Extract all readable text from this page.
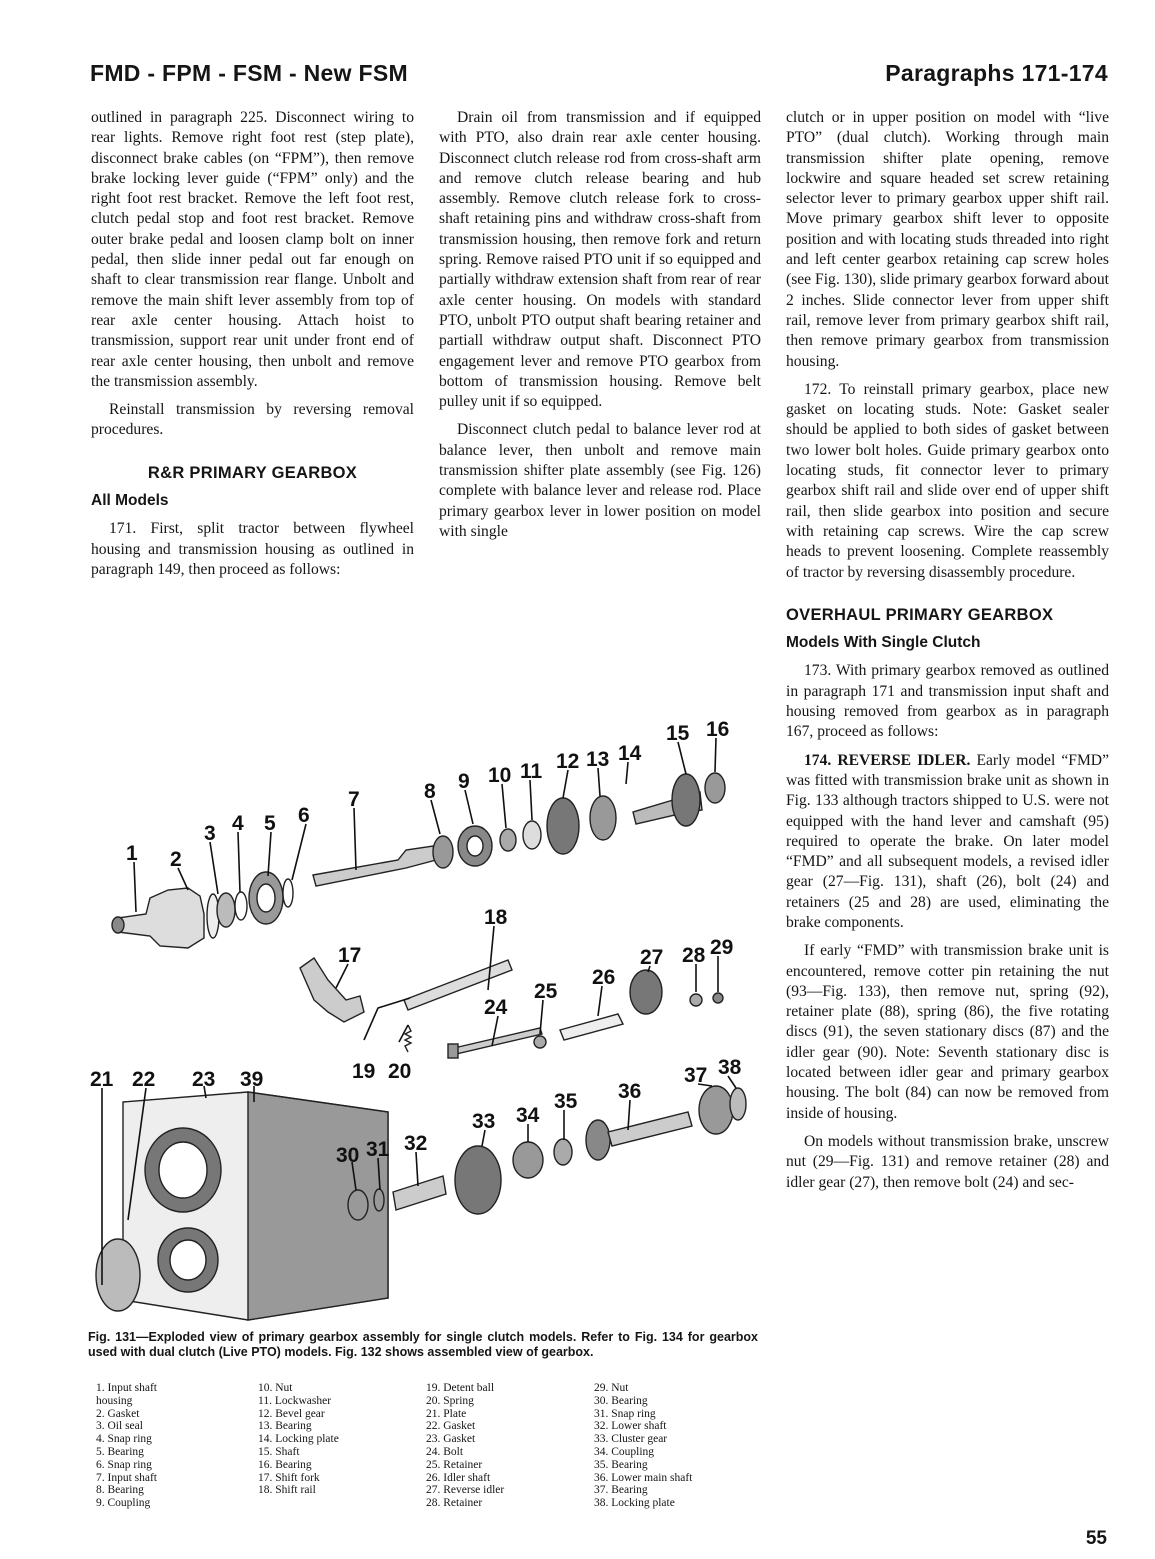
FMD - FPM - FSM - New FSM	Paragraphs 171-174

outlined in paragraph 225. Disconnect wiring to rear lights. Remove right foot rest (step plate), disconnect brake cables (on “FPM”), then remove brake locking lever guide (“FPM” only) and the right foot rest bracket. Remove the left foot rest, clutch pedal stop and foot rest bracket. Remove outer brake pedal and loosen clamp bolt on inner pedal, then slide inner pedal out far enough on shaft to clear transmission rear flange. Unbolt and remove the main shift lever assembly from top of rear axle center housing. Attach hoist to transmission, support rear unit under front end of rear axle center housing, then unbolt and remove the transmission assembly.

Reinstall transmission by reversing removal procedures.

R&R PRIMARY GEARBOX
All Models

171. First, split tractor between flywheel housing and transmission housing as outlined in paragraph 149, then proceed as follows:

Drain oil from transmission and if equipped with PTO, also drain rear axle center housing. Disconnect clutch release rod from cross-shaft arm and remove clutch release bearing and hub assembly. Remove clutch release fork to cross-shaft retaining pins and withdraw cross-shaft from transmission housing, then remove fork and return spring. Remove raised PTO unit if so equipped and partially withdraw extension shaft from rear of rear axle center housing. On models with standard PTO, unbolt PTO output shaft bearing retainer and partiall withdraw output shaft. Disconnect PTO engagement lever and remove PTO gearbox from bottom of transmission housing. Remove belt pulley unit if so equipped.

Disconnect clutch pedal to balance lever rod at balance lever, then unbolt and remove main transmission shifter plate assembly (see Fig. 126) complete with balance lever and release rod. Place primary gearbox lever in lower position on model with single

clutch or in upper position on model with “live PTO” (dual clutch). Working through main transmission shifter plate opening, remove lockwire and square headed set screw retaining selector lever to primary gearbox upper shift rail. Move primary gearbox shift lever to opposite position and with locating studs threaded into right and left center gearbox retaining cap screw holes (see Fig. 130), slide primary gearbox forward about 2 inches. Slide connector lever from upper shift rail, remove lever from primary gearbox shift rail, then remove primary gearbox from transmission housing.

172. To reinstall primary gearbox, place new gasket on locating studs. Note: Gasket sealer should be applied to both sides of gasket between two lower bolt holes. Guide primary gearbox onto locating studs, fit connector lever to primary gearbox shift rail and slide over end of upper shift rail, then slide gearbox into position and secure with retaining cap screws. Wire the cap screw heads to prevent loosening. Complete reassembly of tractor by reversing disassembly procedure.

OVERHAUL PRIMARY GEARBOX
Models With Single Clutch

173. With primary gearbox removed as outlined in paragraph 171 and transmission input shaft and housing removed from gearbox as in paragraph 167, proceed as follows:

174. REVERSE IDLER. Early model “FMD” was fitted with transmission brake unit as shown in Fig. 133 although tractors shipped to U.S. were not equipped with the hand lever and camshaft (95) required to operate the brake. On later model “FMD” and all subsequent models, a revised idler gear (27—Fig. 131), shaft (26), bolt (24) and retainers (25 and 28) are used, eliminating the brake components.

If early “FMD” with transmission brake unit is encountered, remove cotter pin retaining the nut (93—Fig. 133), then remove nut, spring (92), retainer plate (88), spring (86), the five rotating discs (91), the seven stationary discs (87) and the idler gear (90). Note: Seventh stationary disc is located between idler gear and primary gearbox housing. The bolt (84) can now be removed from inside of housing.

On models without transmission brake, unscrew nut (29—Fig. 131) and remove retainer (28) and idler gear (27), then remove bolt (24) and sec-

1 2
3 4 5 6
7	8 9 10 11 12 13 14
15 16
17
18
19 20
21 22 23 39
24
25
26
27 28 29
30 31 32
33 34
35 36
37 38
Fig. 131—Exploded view of primary gearbox assembly for single clutch models. Refer to Fig. 134 for gearbox used with dual clutch (Live PTO) models. Fig. 132 shows assembled view of gearbox.
1. Input shaft
housing
2. Gasket
3. Oil seal
4. Snap ring
5. Bearing
6. Snap ring
7. Input shaft
8. Bearing
9. Coupling
10. Nut
11. Lockwasher
12. Bevel gear
13. Bearing
14. Locking plate
15. Shaft
16. Bearing
17. Shift fork
18. Shift rail
19. Detent ball
20. Spring
21. Plate
22. Gasket
23. Gasket
24. Bolt
25. Retainer
26. Idler shaft
27. Reverse idler
28. Retainer
29. Nut
30. Bearing
31. Snap ring
32. Lower shaft
33. Cluster gear
34. Coupling
35. Bearing
36. Lower main shaft
37. Bearing
38. Locking plate
55
